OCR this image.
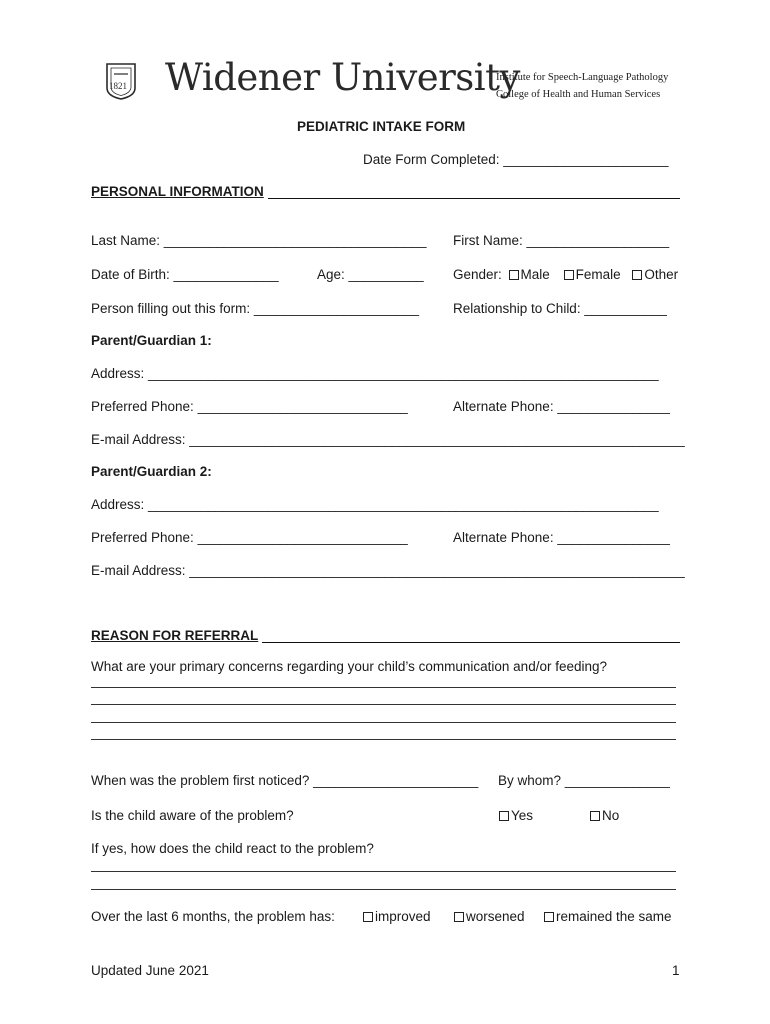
1821 Widener University
Institute for Speech-Language Pathology
College of Health and Human Services
PEDIATRIC INTAKE FORM
Date Form Completed: ______________________
PERSONAL INFORMATION
Last Name: ___________________________________ First Name: ___________________
Date of Birth: ______________	Age: __________ Gender: Male Female Other
Person filling out this form: ______________________	Relationship to Child: ___________
Parent/Guardian 1:
Address: ____________________________________________________________________
Preferred Phone: ____________________________	Alternate Phone: _______________
E-mail Address: __________________________________________________________________
Parent/Guardian 2:
Address: ____________________________________________________________________
Preferred Phone: ____________________________	Alternate Phone: _______________
E-mail Address: __________________________________________________________________
REASON FOR REFERRAL
What are your primary concerns regarding your child’s communication and/or feeding?
When was the problem first noticed? ______________________ By whom? ______________
Is the child aware of the problem?	Yes	No
If yes, how does the child react to the problem?
Over the last 6 months, the problem has:	improved	worsened	remained the same
Updated June 2021	1
